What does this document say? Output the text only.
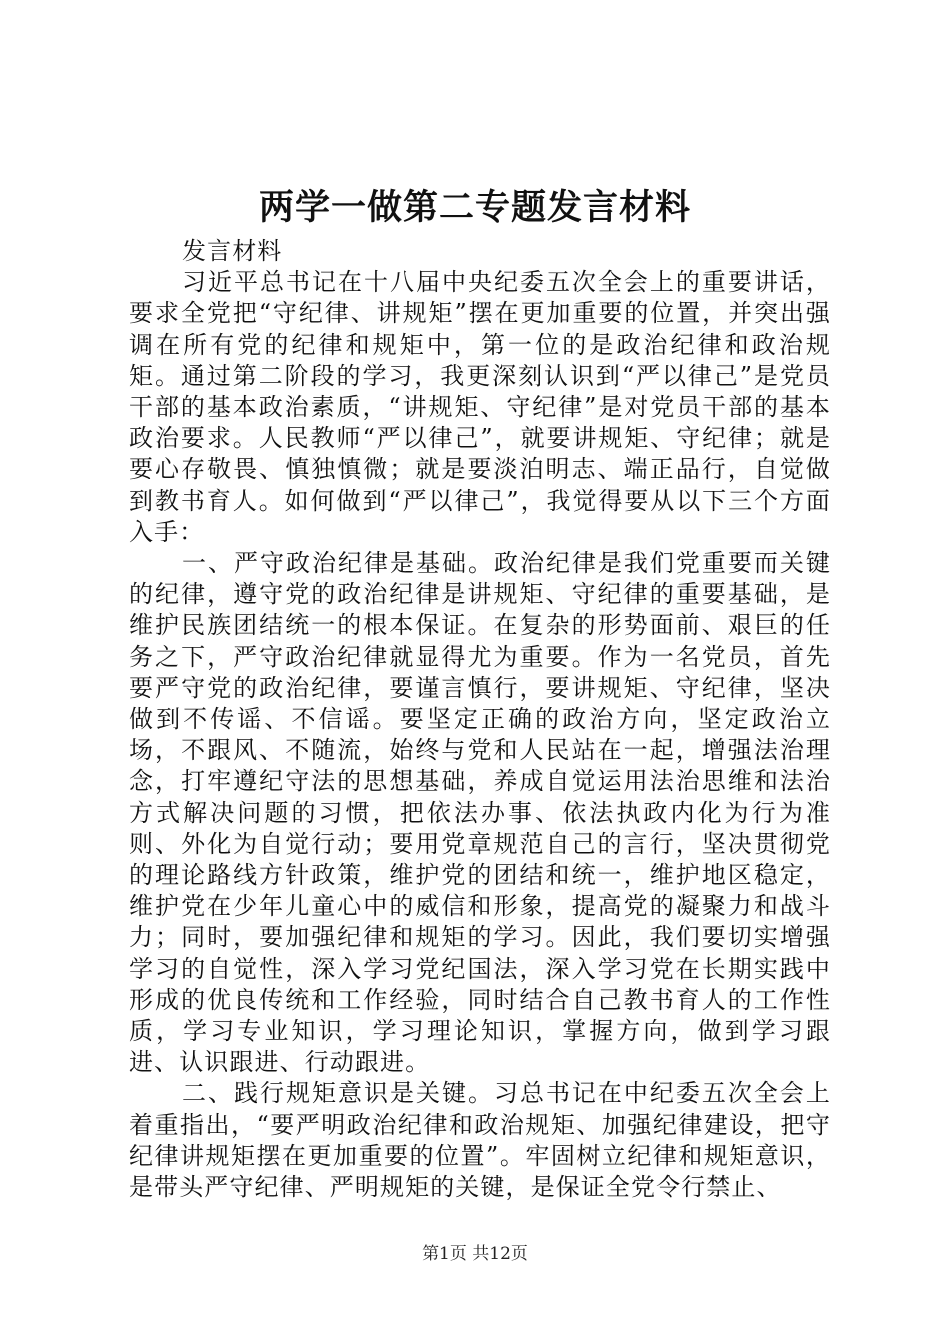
两学一做第二专题发言材料

发言材料

习近平总书记在十八届中央纪委五次全会上的重要讲话，要求全党把“守纪律、讲规矩”摆在更加重要的位置，并突出强调在所有党的纪律和规矩中，第一位的是政治纪律和政治规矩。通过第二阶段的学习，我更深刻认识到“严以律己”是党员干部的基本政治素质，“讲规矩、守纪律”是对党员干部的基本政治要求。人民教师“严以律己”，就要讲规矩、守纪律；就是要心存敬畏、慎独慎微；就是要淡泊明志、端正品行，自觉做到教书育人。如何做到“严以律己”，我觉得要从以下三个方面入手：

一、严守政治纪律是基础。政治纪律是我们党重要而关键的纪律，遵守党的政治纪律是讲规矩、守纪律的重要基础，是维护民族团结统一的根本保证。在复杂的形势面前、艰巨的任务之下，严守政治纪律就显得尤为重要。作为一名党员，首先要严守党的政治纪律，要谨言慎行，要讲规矩、守纪律，坚决做到不传谣、不信谣。要坚定正确的政治方向，坚定政治立场，不跟风、不随流，始终与党和人民站在一起，增强法治理念，打牢遵纪守法的思想基础，养成自觉运用法治思维和法治方式解决问题的习惯，把依法办事、依法执政内化为行为准则、外化为自觉行动；要用党章规范自己的言行，坚决贯彻党的理论路线方针政策，维护党的团结和统一，维护地区稳定，维护党在少年儿童心中的威信和形象，提高党的凝聚力和战斗力；同时，要加强纪律和规矩的学习。因此，我们要切实增强学习的自觉性，深入学习党纪国法，深入学习党在长期实践中形成的优良传统和工作经验，同时结合自己教书育人的工作性质，学习专业知识，学习理论知识，掌握方向，做到学习跟进、认识跟进、行动跟进。

二、践行规矩意识是关键。习总书记在中纪委五次全会上着重指出，“要严明政治纪律和政治规矩、加强纪律建设，把守纪律讲规矩摆在更加重要的位置”。牢固树立纪律和规矩意识，是带头严守纪律、严明规矩的关键，是保证全党令行禁止、

第1页 共12页
